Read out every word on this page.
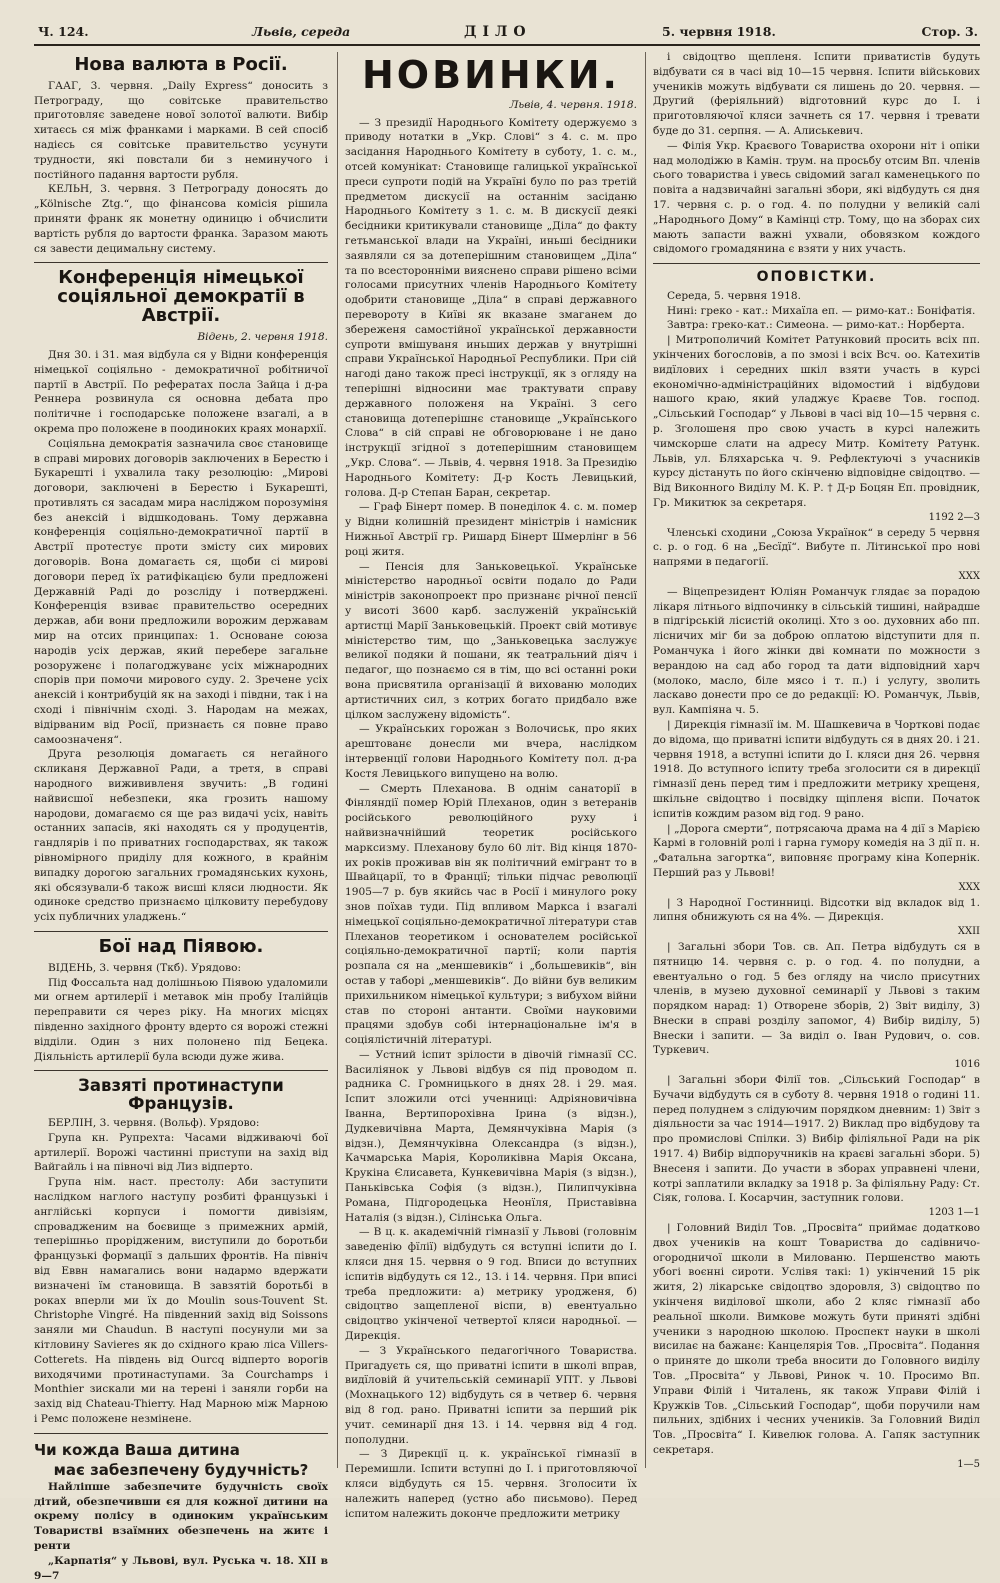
Ч. 124.	Львів, середа	ДІЛО	5. червня 1918.	Стор. 3.
Нова валюта в Росії.

ГААГ, 3. червня. „Daily Express“ доносить з Петрограду, що совітське правительство приготовляє заведене нової золотої валюти. Вибір хитаєсь ся між франками і марками. В сей спосіб надієсь ся совітське правительство усунути трудности, які повстали би з неминучого і постійного падання вартости рубля.

КЕЛЬН, 3. червня. З Петрограду доносять до „Kölnische Ztg.“, що фінансова комісія рішила приняти франк як монетну одиницю і обчислити вартість рубля до вартости франка. Заразом мають ся завести децимальну систему.

Конференція німецької соціяльної демократії в Австрії.
Відень, 2. червня 1918.

Дня 30. і 31. мая відбула ся у Відни конференція німецької соціяльно - демократичної робітничої партії в Австрії. По рефератах посла Зайца і д-ра Реннера розвинула ся основна дебата про політичне і господарське положене взагалі, а в окрема про положене в поодиноких краях монархії.

Соціяльна демократія зазначила своє становище в справі мирових договорів заключених в Берестю і Букарешті і ухвалила таку резолюцію: „Мирові договори, заключені в Берестю і Букарешті, противлять ся засадам мира насліджом порозуміня без анексій і відшкодовань. Тому державна конференція соціяльно-демократичної партії в Австрії протестує проти змісту сих мирових договорів. Вона домагаєть ся, щоби сі мирові договори перед їх ратифікацією були предложені Державній Раді до розсліду і потверджені. Конференція взиває правительство осередних держав, аби вони предложили ворожим державам мир на отсих принципах: 1. Основане союза народів усіх держав, який перебере загальне розоруженє і полагоджуванє усіх міжнародних спорів при помочи мирового суду. 2. Зречене усіх анексій і контрибуцій як на заході і півдни, так і на сході і північнім сході. 3. Народам на межах, відірваним від Росії, признаєть ся повне право самоозначеня“.

Друга резолюція домагаєть ся негайного скликаня Державної Ради, а третя, в справі народного вижививленя звучить: „В годині найвисшої небезпеки, яка грозить нашому народови, домагаємо ся ще раз видачі усіх, навіть останних запасів, які находять ся у продуцентів, гандлярів і по приватних господарствах, як також рівномірного приділу для кожного, в крайнім випадку дорогою загальних громадянських кухонь, які обсязували-б також висші кляси людности. Як одиноке средство признаємо цілковиту перебудову усіх публичних уладжень.“

Бої над Піявою.

ВІДЕНЬ, 3. червня (Ткб). Урядово:

Під Фоссальта над долішньою Піявою удаломили ми огнем артилерії і метавок мін пробу Італійців переправити ся через ріку. На многих місцях південно західного фронту вдерто ся ворожі стежні відділи. Один з них полонено під Бецека. Діяльність артилерії була всюди дуже жива.

Завзяті протинаступи Французів.

БЕРЛІН, 3. червня. (Вольф). Урядово:

Група кн. Рупрехта: Часами відживаючі бої артилерії. Ворожі частинні приступи на захід від Вайгайль і на півночі від Лиз відперто.

Група нім. наст. престолу: Аби заступити наслідком наглого наступу розбиті французькі і англійські корпуси і помогти дивізіям, спровадженим на боєвище з примежних армій, теперішньо прорідженим, виступили до боротьби французькі формації з дальших фронтів. На північ від Еввн намагались вони надармо вдержати визначені їм становища. В завзятій боротьбі в роках вперли ми їх до Moulin sous-Touvent St. Christophe Vingré. На південний захід від Soissons заняли ми Chaudun. В наступі посунули ми за кітловину Savieres як до східного краю ліса Villers-Cotterets. На південь від Ourcq відперто ворогів виходячими протинаступами. За Courchamps і Monthier зискали ми на терені і заняли горби на захід від Chateau-Thierry. Над Марною між Марною і Ремс положене незмінене.

Чи кожда Ваша дитина

має забезпечену будучність?

Найліпше забезпечите будучність своїх дітий, обезпечивши єя для кожної дитини на окрему полісу в одиноким українським Товаристві взаїмних обезпечень на житє і ренти

„Карпатія“ у Львові, вул. Руська ч. 18. XII в 9—7

НОВИНКИ.
Львів, 4. червня. 1918.

— З президії Народнього Комітету одержуємо з приводу нотатки в „Укр. Слові“ з 4. с. м. про засідання Народнього Комітету в суботу, 1. с. м., отсей комунікат: Становище галицької української преси супроти подій на Україні було по раз третій предметом дискусії на останнім засіданю Народнього Комітету з 1. с. м. В дискусії деякі бесідники критикували становище „Діла“ до факту гетьманської влади на Україні, иньші бесідники заявляли ся за дотеперішним становищем „Діла“ та по всесторонніми вияснено справи рішено всіми голосами присутних членів Народнього Комітету одобрити становище „Діла“ в справі державного перевороту в Київі як вказане змаганем до збереженя самостійної української державности супроти вмішуваня иньших держав у внутрішні справи Української Народньої Республики. При сій нагоді дано також пресі інструкції, як з огляду на теперішні відносини має трактувати справу державного положеня на Україні. З сего становища дотеперішнє становище „Українського Слова“ в сій справі не обговорюване і не дано інструкції згідної з дотеперішним становищем „Укр. Слова“. — Львів, 4. червня 1918. За Президію Народнього Комітету: Д-р Кость Левицький, голова. Д-р Степан Баран, секретар.

— Граф Бінерт помер. В понеділок 4. с. м. помер у Відни колишній президент міністрів і намісник Нижньої Австрії гр. Ришард Бінерт Шмерлінг в 56 році житя.

— Пенсія для Заньковецької. Українське міністерство народньої освіти подало до Ради міністрів законопроект про признанє річної пенсії у висоті 3600 карб. заслуженій українській артистці Марії Заньковецькій. Проект свій мотивує міністерство тим, що „Заньковецька заслужує великої подяки й пошани, як театральний діяч і педагог, що познаємо ся в тім, що всі останні роки вона присвятила організації й вихованю молодих артистичних сил, з котрих богато придбало вже цілком заслужену відомість“.

— Українських горожан з Волочиськ, про яких арештованє донесли ми вчера, наслідком інтервенції голови Народнього Комітету пол. д-ра Костя Левицького випущено на волю.

— Смерть Плеханова. В однім санаторії в Фінляндії помер Юрій Плеханов, один з ветеранів російського революційного руху і найвизначнійший теоретик російського марксизму. Плеханову було 60 літ. Від кінця 1870-их років проживав він як політичний емігрант то в Швайцарії, то в Франції; тільки підчас революції 1905—7 р. був якийсь час в Росії і минулого року знов поїхав туди. Під впливом Маркса і взагалі німецької соціяльно-демократичної літератури став Плеханов теоретиком і основателем російської соціяльно-демократичної партії; коли партія розпала ся на „меншевиків“ і „большевиків“, він остав у таборі „меншевиків“. До війни був великим прихильником німецької культури; з вибухом війни став по стороні антанти. Своїми науковими працями здобув собі інтернаціональне ім'я в соціялістичній літературі.

— Устний іспит зрілости в дівочій гімназії СС. Василіянок у Львові відбув ся під проводом п. радника С. Громницького в днях 28. і 29. мая. Іспит зложили отсі ученниці: Адріяновичівна Іванна, Вертипорохівна Ірина (з відзн.), Дудкевичівна Марта, Демянчуківна Марія (з відзн.), Демянчуківна Олександра (з відзн.), Качмарська Марія, Короликівна Марія Оксана, Крукіна Єлисавета, Кункевичівна Марія (з відзн.), Паньківська Софія (з відзн.), Пилипчуківна Романа, Підгородецька Неонїля, Приставівна Наталія (з відзн.), Сілінська Ольга.

— В ц. к. академічній гімназії у Львові (головнім заведенію фїлії) відбудуть ся вступні іспити до I. кляси дня 15. червня о 9 год. Вписи до вступних іспитів відбудуть ся 12., 13. і 14. червня. При вписі треба предложити: а) метрику уродженя, б) свідоцтво защепленої віспи, в) евентуально свідоцтво укінченої четвертої кляси народньої. — Дирекція.

— З Українського педагогічного Товариства. Пригадуєть ся, що приватні іспити в школі вправ, видїловій й учительській семинарії УПТ. у Львові (Мохнацького 12) відбудуть ся в четвер 6. червня від 8 год. рано. Приватні іспити за перший рік учит. семинарії дня 13. і 14. червня від 4 год. пополудни.

— З Дирекції ц. к. української гімназії в Перемишли. Іспити вступні до I. і приготовляючої кляси відбудуть ся 15. червня. Зголосити їх належить наперед (устно або письмово). Перед іспитом належить доконче предложити метрику

і свідоцтво щепленя. Іспити приватистів будуть відбувати ся в часі від 10—15 червня. Іспити військових учеників можуть відбувати ся лишень до 20. червня. — Другий (феріяльний) відготовний курс до I. і приготовляючої кляси зачнеть ся 17. червня і тревати буде до 31. серпня. — А. Алиськевич.

— Філія Укр. Краєвого Товариства охорони ніт і опіки над молодіжю в Камін. трум. на просьбу отсим Вп. членів сього товариства і увесь свідомий загал каменецького по повіта а надзвичайні загальні збори, які відбудуть ся дня 17. червня с. р. о год. 4. по полудни у великій салі „Народнього Дому“ в Камінці стр. Тому, що на зборах сих мають запасти важні ухвали, обовязком кождого свідомого громадянина є взяти у них участь.

ОПОВІСТКИ.

Середа, 5. червня 1918.

Нині: греко - кат.: Михаїла еп. — римо-кат.: Боніфатія.

Завтра: греко-кат.: Симеона. — римо-кат.: Норберта.

| Митрополичий Комітет Ратунковий просить всіх пп. укінчених богословів, а по змозі і всіх Всч. оо. Катехитів видїлових і середних шкіл взяти участь в курсі економічно-адміністраційних відомостий і відбудови нашого краю, який уладжує Краєве Тов. господ. „Сільський Господар“ у Львові в часі від 10—15 червня с. р. Зголошеня про свою участь в курсі належить чимскорше слати на адресу Митр. Комітету Ратунк. Львів, ул. Бляхарська ч. 9. Рефлектуючі з учасників курсу дістануть по його скінченю відповідне свідоцтво. — Від Виконного Виділу М. К. Р. † Д-р Боцян Еп. провідник, Гр. Микитюк за секретаря.

1192 2—3

Членські сходини „Союза Українок“ в середу 5 червня с. р. о год. 6 на „Бесїдї“. Вибуте п. Літинської про нові напрями в педагогії.

XXX

— Віцепрезидент Юліян Романчук глядає за порадою лікаря літнього відпочинку в сільській тишині, найрадше в підгірській лісистій околиці. Хто з оо. духовних або пп. лісничих міг би за доброю оплатою відступити для п. Романчука і його жінки дві комнати по можности з верандою на сад або город та дати відповідний харч (молоко, масло, біле мясо і т. п.) і услугу, зволить ласкаво донести про се до редакції: Ю. Романчук, Львів, вул. Кампіяна ч. 5.

| Дирекція гімназії ім. М. Шашкевича в Чорткові подає до відома, що приватні іспити відбудуть ся в днях 20. і 21. червня 1918, а вступні іспити до I. кляси дня 26. червня 1918. До вступного іспиту треба зголосити ся в дирекції гімназії день перед тим і предложити метрику хрещеня, шкільне свідоцтво і посвідку щіпленя віспи. Початок іспитів кождим разом від год. 9 рано.

| „Дорога смерти“, потрясаюча драма на 4 дії з Марією Кармі в головній ролі і гарна гумору комедія на 3 дії п. н. „Фатальна загортка“, виповняє програму кіна Копернік. Перший раз у Львові!

XXX

| З Народної Гостинниці. Відсотки від вкладок від 1. липня обнижують ся на 4%. — Дирекція.

XXII

| Загальні збори Тов. св. Ап. Петра відбудуть ся в пятницю 14. червня с. р. о год. 4. по полудни, а евентуально о год. 5 без огляду на число присутних членів, в музею духовної семинарії у Львові з таким порядком нарад: 1) Отворене зборів, 2) Звіт виділу, 3) Внески в справі розділу запомог, 4) Вибір виділу, 5) Внески і запити. — За виділ о. Іван Рудович, о. сов. Туркевич.

1016

| Загальні збори Філії тов. „Сільський Господар“ в Бучачи відбудуть ся в суботу 8. червня 1918 о годині 11. перед полуднем з слідуючим порядком дневним: 1) Звіт з діяльности за час 1914—1917. 2) Виклад про відбудову та про промислові Спілки. 3) Вибір філіяльної Ради на рік 1917. 4) Вибір відпоручників на краєві загальні збори. 5) Внесеня і запити. До участи в зборах управнені члени, котрі заплатили вкладку за 1918 р. За філіяльну Раду: Ст. Сіяк, голова. І. Косарчин, заступник голови.

1203 1—1

| Головний Виділ Тов. „Просвіта“ приймає додатково двох учеників на кошт Товариства до садівничо-огородничої школи в Милованю. Першенство мають убогі воєнні сироти. Услівя такі: 1) укінчений 15 рік житя, 2) лікарське свідоцтво здоровля, 3) свідоцтво по укінченя виділової школи, або 2 кляс гімназії або реальної школи. Вимкове можуть бути приняті здібні ученики з народною школою. Проспект науки в школі висилає на бажанє: Канцелярія Тов. „Просвіта“. Подання о приняте до школи треба вносити до Головного виділу Тов. „Просвіта“ у Львові, Ринок ч. 10. Просимо Вп. Управи Філій і Читалень, як також Управи Філій і Кружків Тов. „Сільський Господар“, щоби поручили нам пильних, здібних і чесних учеників. За Головний Виділ Тов. „Просвіта“ І. Кивелюк голова. А. Гапяк заступник секретаря.

1—5
